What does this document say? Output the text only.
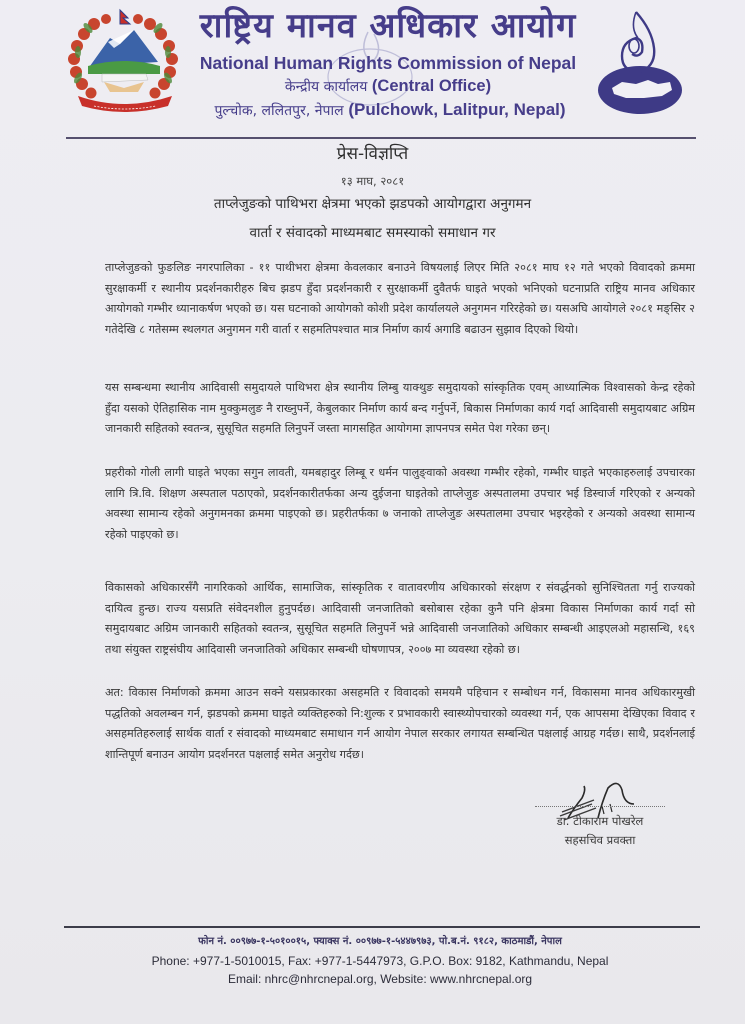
राष्ट्रिय मानव अधिकार आयोग
National Human Rights Commission of Nepal
केन्द्रीय कार्यालय (Central Office)
पुल्चोक, ललितपुर, नेपाल (Pulchowk, Lalitpur, Nepal)
प्रेस-विज्ञप्ति
१३ माघ, २०८१
ताप्लेजुङको पाथिभरा क्षेत्रमा भएको झडपको आयोगद्वारा अनुगमन
वार्ता र संवादको माध्यमबाट समस्याको समाधान गर

ताप्लेजुङको फुङलिङ नगरपालिका - ११ पाथीभरा क्षेत्रमा केवलकार बनाउने विषयलाई लिएर मिति २०८१ माघ १२ गते भएको विवादको क्रममा सुरक्षाकर्मी र स्थानीय प्रदर्शनकारीहरु बिच झडप हुँदा प्रदर्शनकारी र सुरक्षाकर्मी दुवैतर्फ घाइते भएको भनिएको घटनाप्रति राष्ट्रिय मानव अधिकार आयोगको गम्भीर ध्यानाकर्षण भएको छ। यस घटनाको आयोगको कोशी प्रदेश कार्यालयले अनुगमन गरिरहेको छ। यसअघि आयोगले २०८१ मङ्सिर २ गतेदेखि ८ गतेसम्म स्थलगत अनुगमन गरी वार्ता र सहमतिपश्चात मात्र निर्माण कार्य अगाडि बढाउन सुझाव दिएको थियो।

यस सम्बन्धमा स्थानीय आदिवासी समुदायले पाथिभरा क्षेत्र स्थानीय लिम्बु याक्थुङ समुदायको सांस्कृतिक एवम् आध्यात्मिक विश्वासको केन्द्र रहेको हुँदा यसको ऐतिहासिक नाम मुक्कुमलुङ नै राख्नुपर्ने, केबुलकार निर्माण कार्य बन्द गर्नुपर्ने, बिकास निर्माणका कार्य गर्दा आदिवासी समुदायबाट अग्रिम जानकारी सहितको स्वतन्त्र, सुसूचित सहमति लिनुपर्ने जस्ता मागसहित आयोगमा ज्ञापनपत्र समेत पेश गरेका छन्।

प्रहरीको गोली लागी घाइते भएका सगुन लावती, यमबहादुर लिम्बू र धर्मन पालुङ्वाको अवस्था गम्भीर रहेको, गम्भीर घाइते भएकाहरुलाई उपचारका लागि त्रि.वि. शिक्षण अस्पताल पठाएको, प्रदर्शनकारीतर्फका अन्य दुईजना घाइतेको ताप्लेजुङ अस्पतालमा उपचार भई डिस्चार्ज गरिएको र अन्यको अवस्था सामान्य रहेको अनुगमनका क्रममा पाइएको छ। प्रहरीतर्फका ७ जनाको ताप्लेजुङ अस्पतालमा उपचार भइरहेको र अन्यको अवस्था सामान्य रहेको पाइएको छ।

विकासको अधिकारसँगै नागरिकको आर्थिक, सामाजिक, सांस्कृतिक र वातावरणीय अधिकारको संरक्षण र संवर्द्धनको सुनिश्चितता गर्नु राज्यको दायित्व हुन्छ। राज्य यसप्रति संवेदनशील हुनुपर्दछ। आदिवासी जनजातिको बसोबास रहेका कुनै पनि क्षेत्रमा विकास निर्माणका कार्य गर्दा सो समुदायबाट अग्रिम जानकारी सहितको स्वतन्त्र, सुसूचित सहमति लिनुपर्ने भन्ने आदिवासी जनजातिको अधिकार सम्बन्धी आइएलओ महासन्धि, १६९ तथा संयुक्त राष्ट्रसंघीय आदिवासी जनजातिको अधिकार सम्बन्धी घोषणापत्र, २००७ मा व्यवस्था रहेको छ।

अत: विकास निर्माणको क्रममा आउन सक्ने यसप्रकारका असहमति र विवादको समयमै पहिचान र सम्बोधन गर्न, विकासमा मानव अधिकारमुखी पद्धतिको अवलम्बन गर्न, झडपको क्रममा घाइते व्यक्तिहरुको नि:शुल्क र प्रभावकारी स्वास्थ्योपचारको व्यवस्था गर्न, एक आपसमा देखिएका विवाद र असहमतिहरुलाई सार्थक वार्ता र संवादको माध्यमबाट समाधान गर्न आयोग नेपाल सरकार लगायत सम्बन्धित पक्षलाई आग्रह गर्दछ। साथै, प्रदर्शनलाई शान्तिपूर्ण बनाउन आयोग प्रदर्शनरत पक्षलाई समेत अनुरोध गर्दछ।

डा. टीकाराम पोखरेल
सहसचिव प्रवक्ता
फोन नं. ००९७७-१-५०१००१५, फ्याक्स नं. ००९७७-१-५४४७९७३, पो.ब.नं. ९१८२, काठमाडौं, नेपाल
Phone: +977-1-5010015, Fax: +977-1-5447973, G.P.O. Box: 9182, Kathmandu, Nepal
Email: nhrc@nhrcnepal.org, Website: www.nhrcnepal.org
